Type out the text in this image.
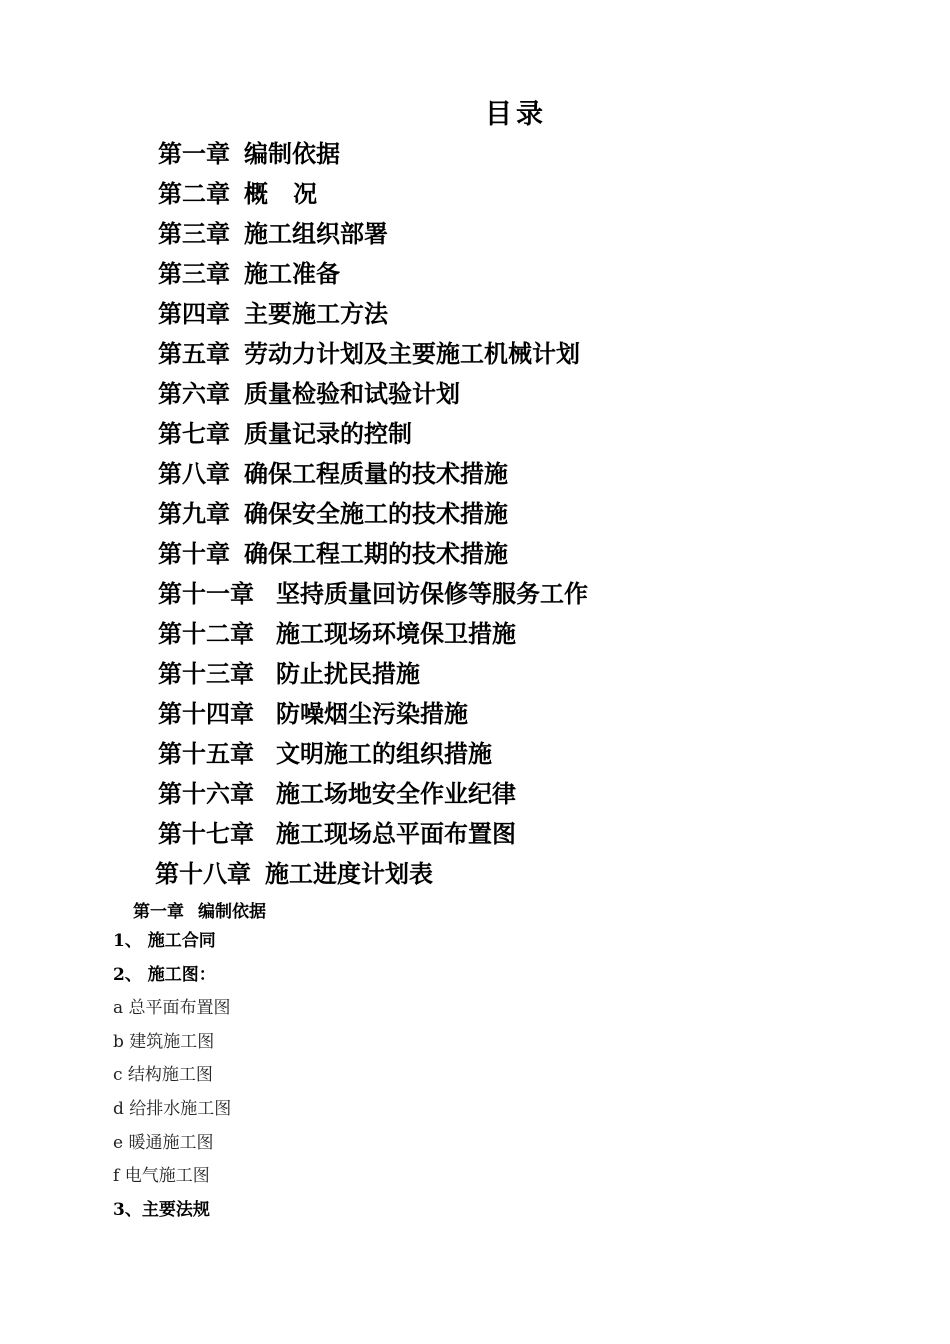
目录
第一章 编制依据
第二章 概   况
第三章 施工组织部署
第三章 施工准备
第四章 主要施工方法
第五章 劳动力计划及主要施工机械计划
第六章 质量检验和试验计划
第七章 质量记录的控制
第八章 确保工程质量的技术措施
第九章 确保安全施工的技术措施
第十章 确保工程工期的技术措施
第十一章 坚持质量回访保修等服务工作
第十二章 施工现场环境保卫措施
第十三章 防止扰民措施
第十四章 防噪烟尘污染措施
第十五章 文明施工的组织措施
第十六章 施工场地安全作业纪律
第十七章 施工现场总平面布置图
第十八章 施工进度计划表
第一章 编制依据
1、 施工合同
2、 施工图：
a 总平面布置图
b 建筑施工图
c 结构施工图
d 给排水施工图
e 暖通施工图
f 电气施工图
3、主要法规
